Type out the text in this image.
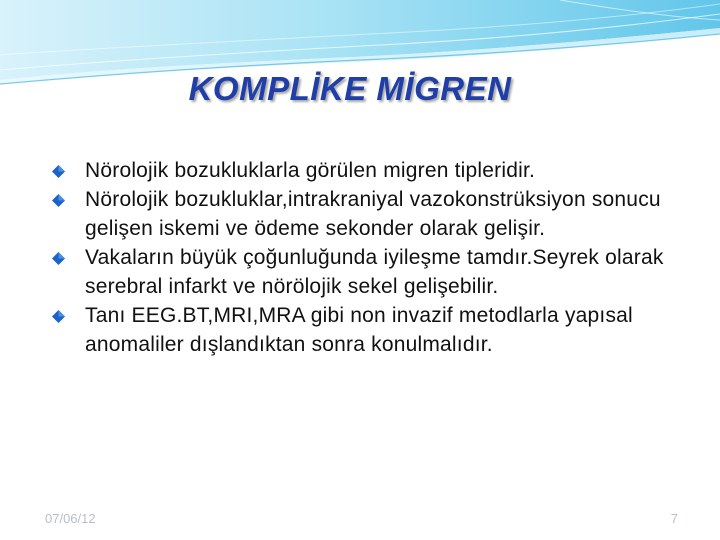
KOMPLİKE MİGREN
Nörolojik bozukluklarla görülen migren tipleridir.
Nörolojik bozukluklar,intrakraniyal vazokonstrüksiyon sonucu gelişen iskemi ve ödeme sekonder olarak gelişir.
Vakaların büyük çoğunluğunda iyileşme tamdır.Seyrek olarak serebral infarkt ve nörölojik sekel gelişebilir.
Tanı EEG.BT,MRI,MRA gibi non invazif metodlarla yapısal anomaliler dışlandıktan sonra konulmalıdır.
07/06/12	7
